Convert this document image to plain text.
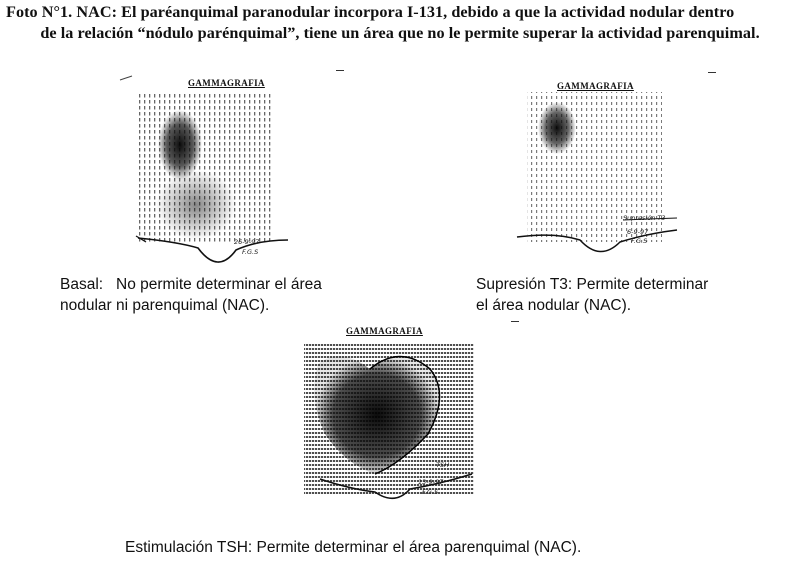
Foto N°1. NAC: El paréanquimal paranodular incorpora I-131, debido a que la actividad nodular dentro
de la relación “nódulo parénquimal”, tiene un área que no le permite superar la actividad parenquimal.
GAMMAGRAFIA
26-9-97
F.G.S
Basal:   No permite determinar el área
nodular ni parenquimal (NAC).
GAMMAGRAFIA
Supresión T3
6-9-97
F.G.S
Supresión T3: Permite determinar
el área nodular (NAC).
GAMMAGRAFIA
TSH
13-9-97
F.G.S
Estimulación TSH: Permite determinar el área parenquimal (NAC).
